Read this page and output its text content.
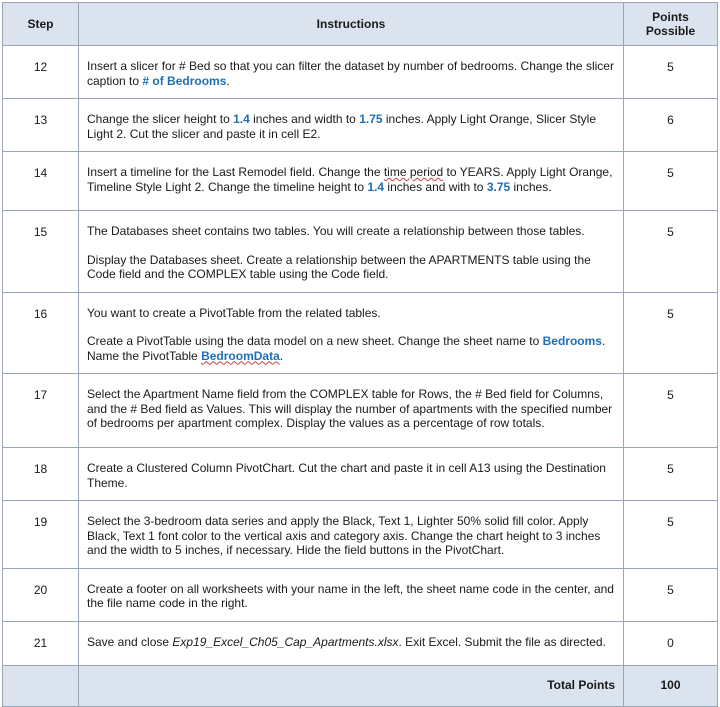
Step	Instructions	Points
Possible

12	Insert a slicer for # Bed so that you can filter the dataset by number of bedrooms. Change the slicer caption to # of Bedrooms.	5
13	Change the slicer height to 1.4 inches and width to 1.75 inches. Apply Light Orange, Slicer Style Light 2. Cut the slicer and paste it in cell E2.	6
14	Insert a timeline for the Last Remodel field. Change the time period to YEARS. Apply Light Orange, Timeline Style Light 2. Change the timeline height to 1.4 inches and with to 3.75 inches.	5
15	The Databases sheet contains two tables. You will create a relationship between those tables.

Display the Databases sheet. Create a relationship between the APARTMENTS table using the Code field and the COMPLEX table using the Code field.	5
16	You want to create a PivotTable from the related tables.

Create a PivotTable using the data model on a new sheet. Change the sheet name to Bedrooms. Name the PivotTable BedroomData.	5
17	Select the Apartment Name field from the COMPLEX table for Rows, the # Bed field for Columns, and the # Bed field as Values. This will display the number of apartments with the specified number of bedrooms per apartment complex. Display the values as a percentage of row totals.	5
18	Create a Clustered Column PivotChart. Cut the chart and paste it in cell A13 using the Destination Theme.	5
19	Select the 3-bedroom data series and apply the Black, Text 1, Lighter 50% solid fill color. Apply Black, Text 1 font color to the vertical axis and category axis. Change the chart height to 3 inches and the width to 5 inches, if necessary. Hide the field buttons in the PivotChart.	5
20	Create a footer on all worksheets with your name in the left, the sheet name code in the center, and the file name code in the right.	5
21	Save and close Exp19_Excel_Ch05_Cap_Apartments.xlsx. Exit Excel. Submit the file as directed.	0
	Total Points	100
